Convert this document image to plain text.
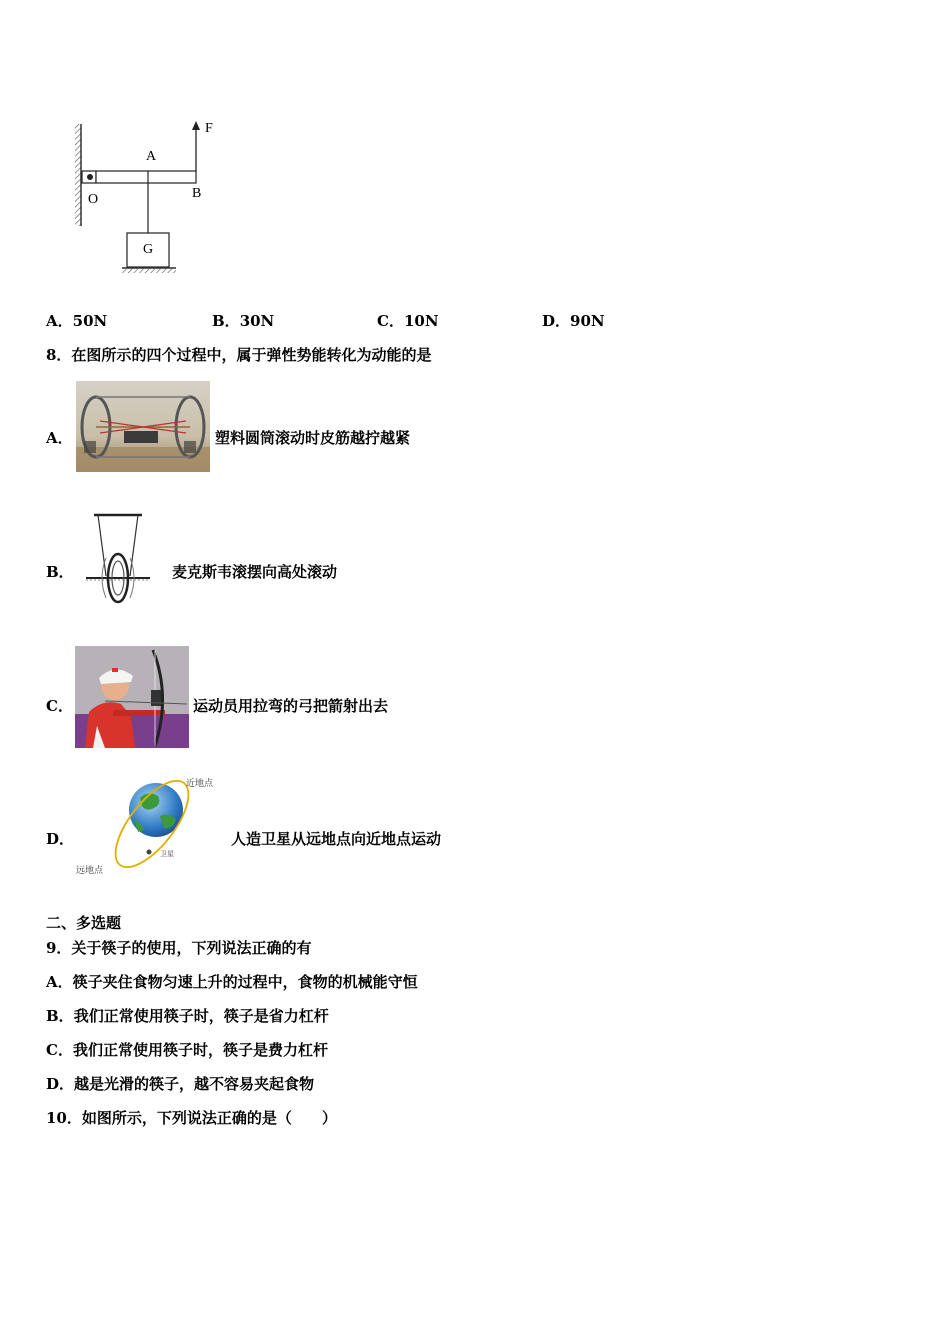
F
A
B
O
G
A．50N	B．30N	C．10N	D．90N
8．在图所示的四个过程中，属于弹性势能转化为动能的是
A．	塑料圆筒滚动时皮筋越拧越紧
B．	麦克斯韦滚摆向高处滚动
C．	运动员用拉弯的弓把箭射出去
D．
近地点
卫星
远地点
人造卫星从远地点向近地点运动
二、多选题
9．关于筷子的使用，下列说法正确的有
A．筷子夹住食物匀速上升的过程中，食物的机械能守恒
B．我们正常使用筷子时，筷子是省力杠杆
C．我们正常使用筷子时，筷子是费力杠杆
D．越是光滑的筷子，越不容易夹起食物
10．如图所示，下列说法正确的是（　　）
